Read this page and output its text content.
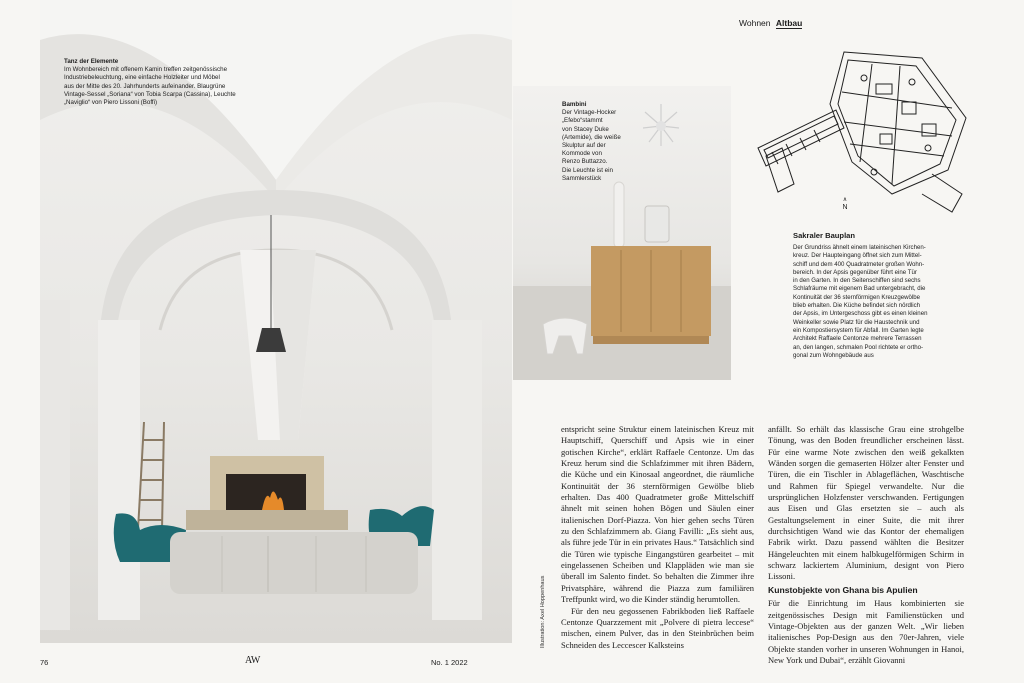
Wohnen Altbau
Tanz der Elemente
Im Wohnbereich mit offenem Kamin treffen zeitgenössische
Industriebeleuchtung, eine einfache Holzleiter und Möbel
aus der Mitte des 20. Jahrhunderts aufeinander. Blaugrüne
Vintage-Sessel „Soriana“ von Tobia Scarpa (Cassina), Leuchte
„Naviglio“ von Piero Lissoni (Boffi)	Bambini
Der Vintage-Hocker
„Efebo“stammt
von Stacey Duke
(Artemide), die weiße
Skulptur auf der
Kommode von
Renzo Buttazzo.
Die Leuchte ist ein
Sammlerstück
∧
N
Sakraler Bauplan
Der Grundriss ähnelt einem lateinischen Kirchen-
kreuz. Der Haupteingang öffnet sich zum Mittel-
schiff und dem 400 Quadratmeter großen Wohn-
bereich. In der Apsis gegenüber führt eine Tür
in den Garten. In den Seitenschiffen sind sechs
Schlafräume mit eigenem Bad untergebracht, die
Kontinuität der 36 sternförmigen Kreuzgewölbe
blieb erhalten. Die Küche befindet sich nördlich
der Apsis, im Untergeschoss gibt es einen kleinen
Weinkeller sowie Platz für die Haustechnik und
ein Kompostiersystem für Abfall. Im Garten legte
Architekt Raffaele Centonze mehrere Terrassen
an, den langen, schmalen Pool richtete er ortho-
gonal zum Wohngebäude aus
Illustration: Axel Hoppenhaus

entspricht seine Struktur einem lateinischen Kreuz mit Hauptschiff, Querschiff und Apsis wie in einer gotischen Kirche“, erklärt Raffaele Centonze. Um das Kreuz herum sind die Schlafzimmer mit ihren Bädern, die Küche und ein Kinosaal angeordnet, die räumliche Kontinuität der 36 sternförmigen Gewölbe blieb erhalten. Das 400 Quadratmeter große Mittelschiff ähnelt mit seinen hohen Bögen und Säulen einer italienischen Dorf-Piazza. Von hier gehen sechs Türen zu den Schlafzimmern ab. Giang Favilli: „Es sieht aus, als führe jede Tür in ein privates Haus.“ Tatsächlich sind die Türen wie typische Eingangstüren gearbeitet – mit eingelassenen Scheiben und Klappläden wie man sie überall im Salento findet. So behalten die Zimmer ihre Privatsphäre, während die Piazza zum familiären Treffpunkt wird, wo die Kinder ständig herumtollen.

Für den neu gegossenen Fabrikboden ließ Raffaele Centonze Quarzzement mit „Polvere di pietra leccese“ mischen, einem Pulver, das in den Steinbrüchen beim Schneiden des Leccescer Kalksteins

anfällt. So erhält das klassische Grau eine strohgelbe Tönung, was den Boden freundlicher erscheinen lässt. Für eine warme Note zwischen den weiß gekalkten Wänden sorgen die gemaserten Hölzer alter Fenster und Türen, die ein Tischler in Ablageflächen, Waschtische und Rahmen für Spiegel verwandelte. Nur die ursprünglichen Holzfenster verschwanden. Fertigungen aus Eisen und Glas ersetzten sie – auch als Gestaltungselement in einer Suite, die mit ihrer durchsichtigen Wand wie das Kontor der ehemaligen Fabrik wirkt. Dazu passend wählten die Besitzer Hängeleuchten mit einem halbkugelförmigen Schirm in schwarz lackiertem Aluminium, designt von Piero Lissoni.

Kunstobjekte von Ghana bis Apulien

Für die Einrichtung im Haus kombinierten sie zeitgenössisches Design mit Familienstücken und Vintage-Objekten aus der ganzen Welt. „Wir lieben italienisches Pop-Design aus den 70er-Jahren, viele Objekte standen vorher in unseren Wohnungen in Hanoi, New York und Dubai“, erzählt Giovanni

76	AW	No. 1 2022
